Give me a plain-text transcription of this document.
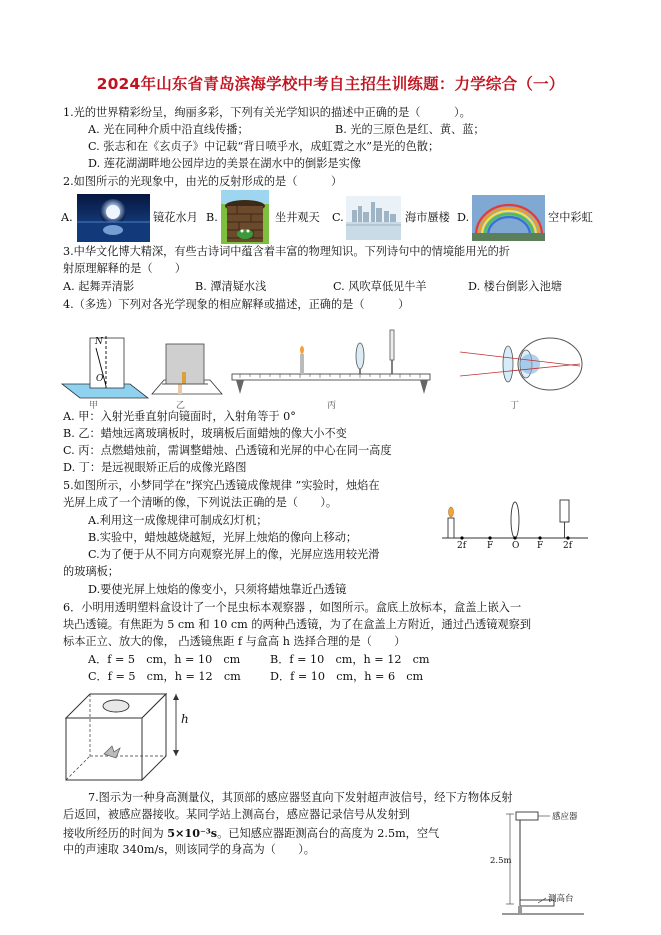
2024年山东省青岛滨海学校中考自主招生训练题：力学综合（一）
1.光的世界精彩纷呈，绚丽多彩，下列有关光学知识的描述中正确的是（　　　）。
A. 光在同种介质中沿直线传播；	B. 光的三原色是红、黄、蓝；
C. 张志和在《玄贞子》中记载“背日喷乎水，成虹霓之水”是光的色散；
D. 莲花湖湖畔地公园岸边的美景在湖水中的倒影是实像
2.如图所示的光现象中，由光的反射形成的是（　　　）
A.	镜花水月 B.	坐井观天 C.	海市蜃楼 D.	空中彩虹
3.中华文化博大精深，有些古诗词中蕴含着丰富的物理知识。下列诗句中的情境能用光的折
射原理解释的是（　　）
A. 起舞弄清影	B. 潭清疑水浅	C. 风吹草低见牛羊	D. 楼台倒影入池塘
4.（多选）下列对各光学现象的相应解释或描述，正确的是（　　　）
N
O
甲	乙	丙	丁
A. 甲：入射光垂直射向镜面时，入射角等于 0°
B. 乙：蜡烛远离玻璃板时，玻璃板后面蜡烛的像大小不变
C. 丙：点燃蜡烛前，需调整蜡烛、凸透镜和光屏的中心在同一高度
D. 丁：是远视眼矫正后的成像光路图
5.如图所示，小梦同学在“探究凸透镜成像规律 ”实验时，烛焰在
光屏上成了一个清晰的像，下列说法正确的是（　　）。
A.利用这一成像规律可制成幻灯机；
B.实验中，蜡烛越烧越短，光屏上烛焰的像向上移动；
C.为了便于从不同方向观察光屏上的像，光屏应选用较光滑
的玻璃板；
D.要使光屏上烛焰的像变小，只须将蜡烛靠近凸透镜
2f F O F 2f
6．小明用透明塑料盒设计了一个昆虫标本观察器 ，如图所示。盒底上放标本，盒盖上嵌入一
块凸透镜。有焦距为 5 cm 和 10 cm 的两种凸透镜，为了在盒盖上方附近，通过凸透镜观察到
标本正立、放大的像， 凸透镜焦距 f 与盒高 h 选择合理的是（　　）
A．f = 5　cm，h = 10　cm	B．f = 10　cm，h = 12　cm
C．f = 5　cm，h = 12　cm	D．f = 10　cm，h = 6　cm
h
7.图示为一种身高测量仪，其顶部的感应器竖直向下发射超声波信号，经下方物体反射
后返回，被感应器接收。某同学站上测高台，感应器记录信号从发射到
接收所经历的时间为 5×10⁻³s。已知感应器距测高台的高度为 2.5m，空气
中的声速取 340m/s，则该同学的身高为（　　）。
感应器
2.5m
测高台
